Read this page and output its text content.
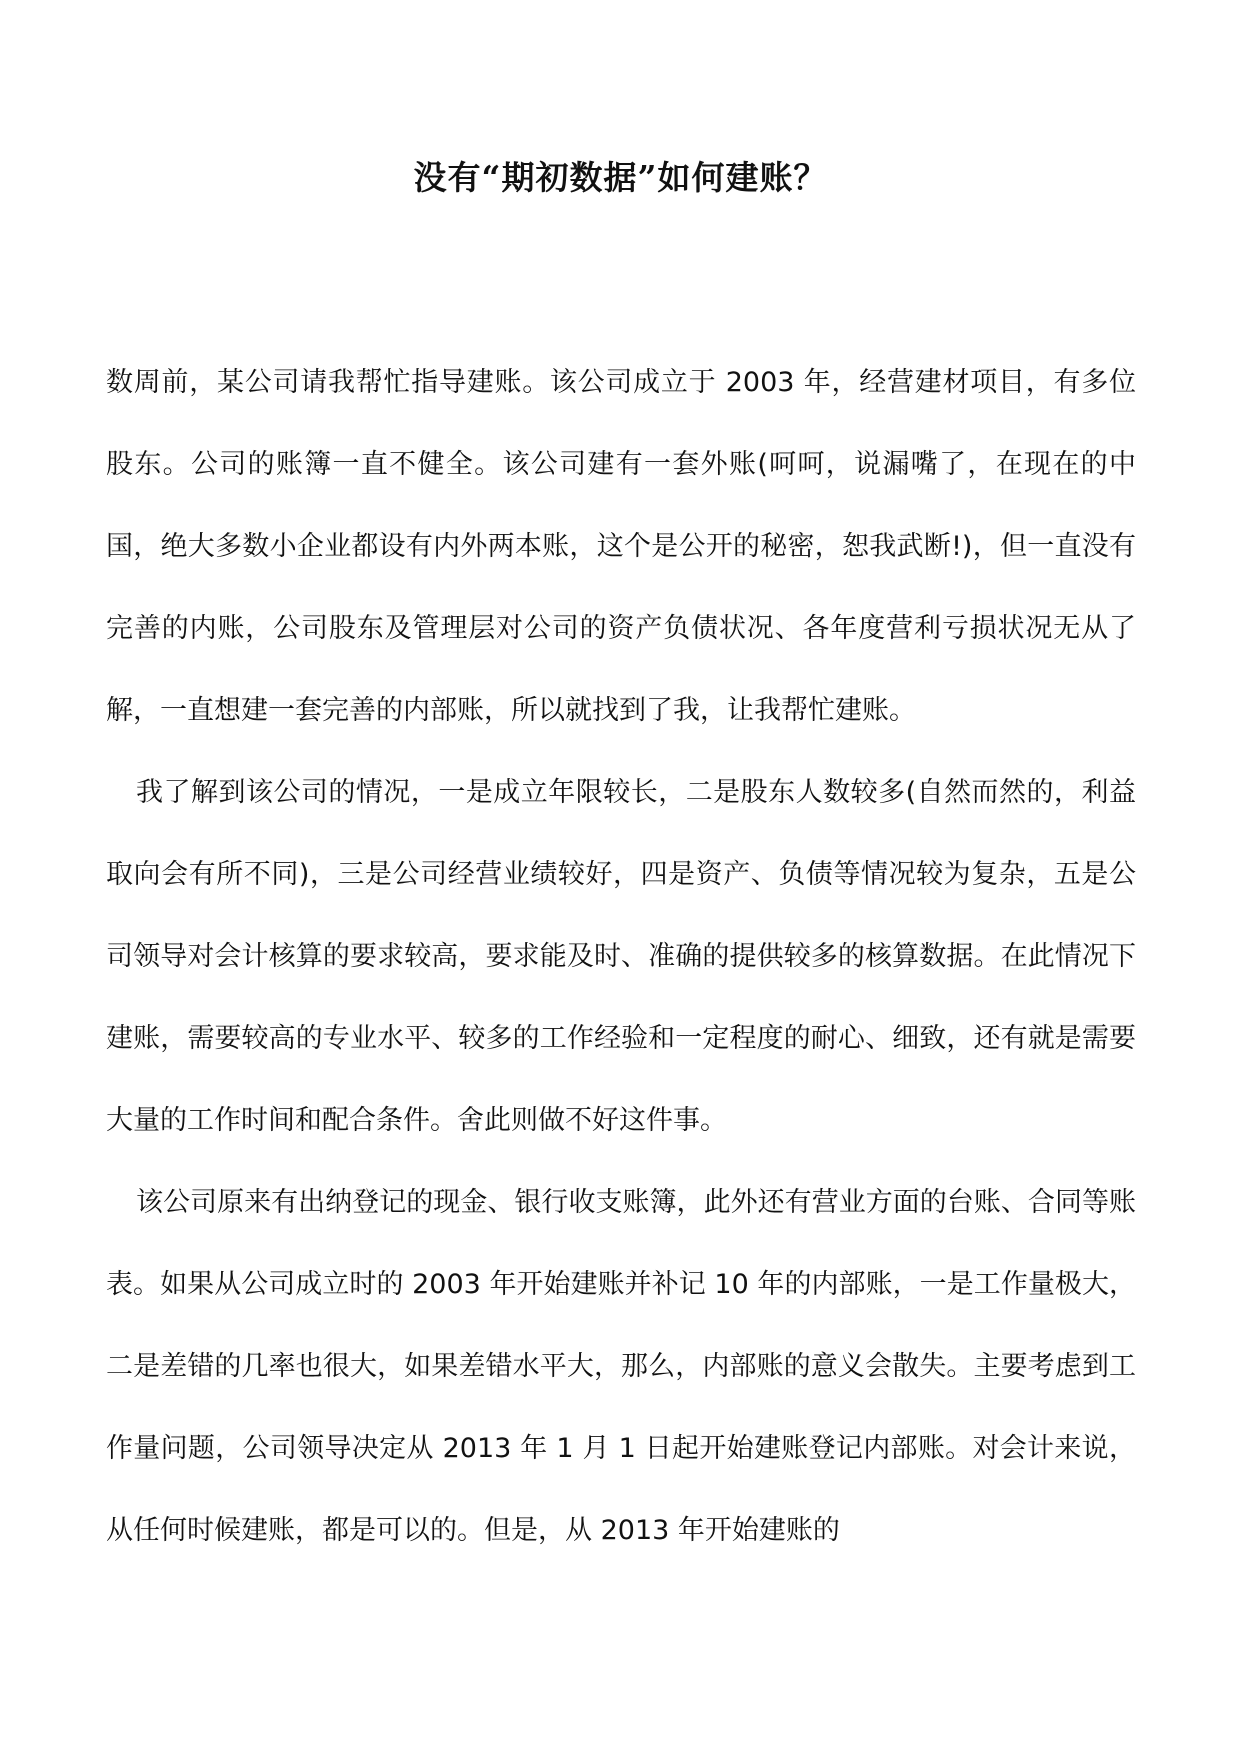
没有“期初数据”如何建账？

数周前，某公司请我帮忙指导建账。该公司成立于 2003 年，经营建材项目，有多位股东。公司的账簿一直不健全。该公司建有一套外账(呵呵，说漏嘴了，在现在的中国，绝大多数小企业都设有内外两本账，这个是公开的秘密，恕我武断!)，但一直没有完善的内账，公司股东及管理层对公司的资产负债状况、各年度营利亏损状况无从了解，一直想建一套完善的内部账，所以就找到了我，让我帮忙建账。

我了解到该公司的情况，一是成立年限较长，二是股东人数较多(自然而然的，利益取向会有所不同)，三是公司经营业绩较好，四是资产、负债等情况较为复杂，五是公司领导对会计核算的要求较高，要求能及时、准确的提供较多的核算数据。在此情况下建账，需要较高的专业水平、较多的工作经验和一定程度的耐心、细致，还有就是需要大量的工作时间和配合条件。舍此则做不好这件事。

该公司原来有出纳登记的现金、银行收支账簿，此外还有营业方面的台账、合同等账表。如果从公司成立时的 2003 年开始建账并补记 10 年的内部账，一是工作量极大，二是差错的几率也很大，如果差错水平大，那么，内部账的意义会散失。主要考虑到工作量问题，公司领导决定从 2013 年 1 月 1 日起开始建账登记内部账。对会计来说，从任何时候建账，都是可以的。但是，从 2013 年开始建账的
